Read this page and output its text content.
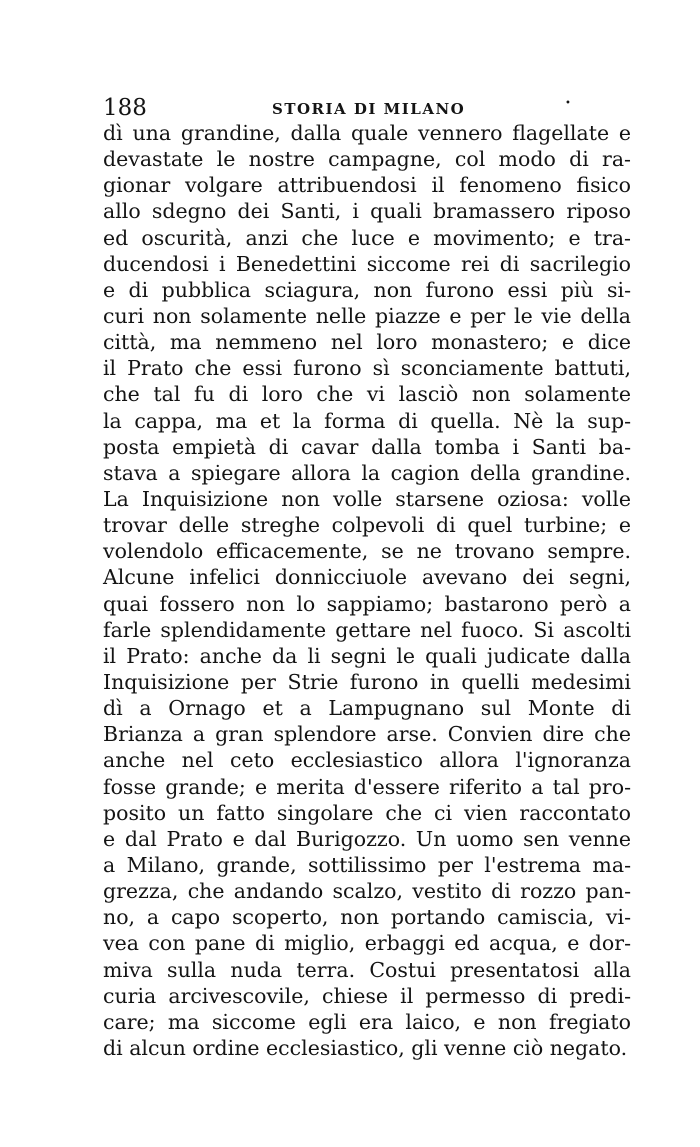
188	STORIA DI MILANO	•
dì una grandine, dalla quale vennero flagellate e
devastate le nostre campagne, col modo di ra-
gionar volgare attribuendosi il fenomeno fisico
allo sdegno dei Santi, i quali bramassero riposo
ed oscurità, anzi che luce e movimento; e tra-
ducendosi i Benedettini siccome rei di sacrilegio
e di pubblica sciagura, non furono essi più si-
curi non solamente nelle piazze e per le vie della
città, ma nemmeno nel loro monastero; e dice
il Prato che essi furono sì sconciamente battuti,
che tal fu di loro che vi lasciò non solamente
la cappa, ma et la forma di quella. Nè la sup-
posta empietà di cavar dalla tomba i Santi ba-
stava a spiegare allora la cagion della grandine.
La Inquisizione non volle starsene oziosa: volle
trovar delle streghe colpevoli di quel turbine; e
volendolo efficacemente, se ne trovano sempre.
Alcune infelici donnicciuole avevano dei segni,
quai fossero non lo sappiamo; bastarono però a
farle splendidamente gettare nel fuoco. Si ascolti
il Prato: anche da li segni le quali judicate dalla
Inquisizione per Strie furono in quelli medesimi
dì a Ornago et a Lampugnano sul Monte di
Brianza a gran splendore arse. Convien dire che
anche nel ceto ecclesiastico allora l'ignoranza
fosse grande; e merita d'essere riferito a tal pro-
posito un fatto singolare che ci vien raccontato
e dal Prato e dal Burigozzo. Un uomo sen venne
a Milano, grande, sottilissimo per l'estrema ma-
grezza, che andando scalzo, vestito di rozzo pan-
no, a capo scoperto, non portando camiscia, vi-
vea con pane di miglio, erbaggi ed acqua, e dor-
miva sulla nuda terra. Costui presentatosi alla
curia arcivescovile, chiese il permesso di predi-
care; ma siccome egli era laico, e non fregiato
di alcun ordine ecclesiastico, gli venne ciò negato.
